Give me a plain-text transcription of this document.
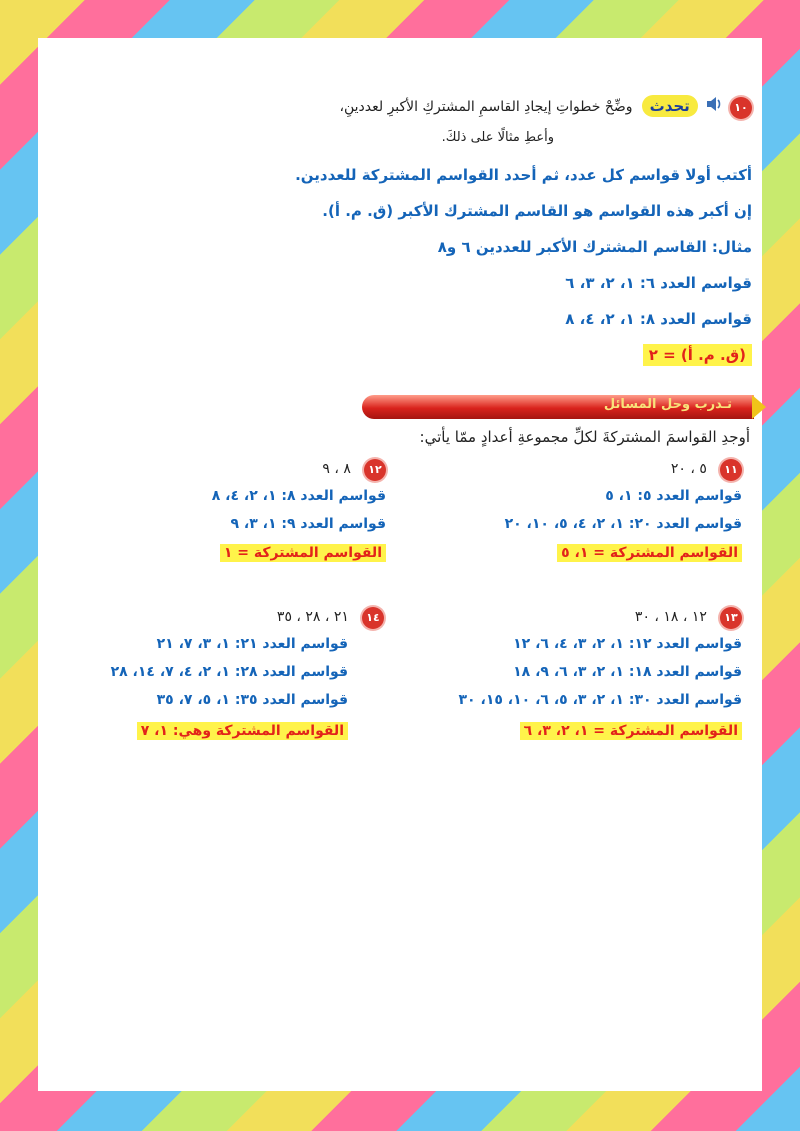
١٠  تحدث وضِّحْ خطواتِ إيجادِ القاسمِ المشتركِ الأكبرِ لعددينِ،
وأعطِ مثالًا على ذلكَ.
أكتب أولا قواسم كل عدد، ثم أحدد القواسم المشتركة للعددين.
إن أكبر هذه القواسم هو القاسم المشترك الأكبر (ق. م. أ).
مثال: القاسم المشترك الأكبر للعددين ٦ و٨
قواسم العدد ٦: ١، ٢، ٣، ٦
قواسم العدد ٨: ١، ٢، ٤، ٨
(ق. م. أ) = ٢
تـدرب وحل المسائل
أوجدِ القواسمَ المشتركةَ لكلِّ مجموعةِ أعدادٍ ممّا يأتي:
١١ ٥ ، ٢٠
قواسم العدد ٥: ١، ٥
قواسم العدد ٢٠: ١، ٢، ٤، ٥، ١٠، ٢٠
القواسم المشتركة = ١، ٥
١٢ ٨ ، ٩
قواسم العدد ٨: ١، ٢، ٤، ٨
قواسم العدد ٩: ١، ٣، ٩
القواسم المشتركة = ١
١٣ ١٢ ، ١٨ ، ٣٠
قواسم العدد ١٢: ١، ٢، ٣، ٤، ٦، ١٢
قواسم العدد ١٨: ١، ٢، ٣، ٦، ٩، ١٨
قواسم العدد ٣٠: ١، ٢، ٣، ٥، ٦، ١٠، ١٥، ٣٠
القواسم المشتركة = ١، ٢، ٣، ٦
١٤ ٢١ ، ٢٨ ، ٣٥
قواسم العدد ٢١: ١، ٣، ٧، ٢١
قواسم العدد ٢٨: ١، ٢، ٤، ٧، ١٤، ٢٨
قواسم العدد ٣٥: ١، ٥، ٧، ٣٥
القواسم المشتركة وهي: ١، ٧
